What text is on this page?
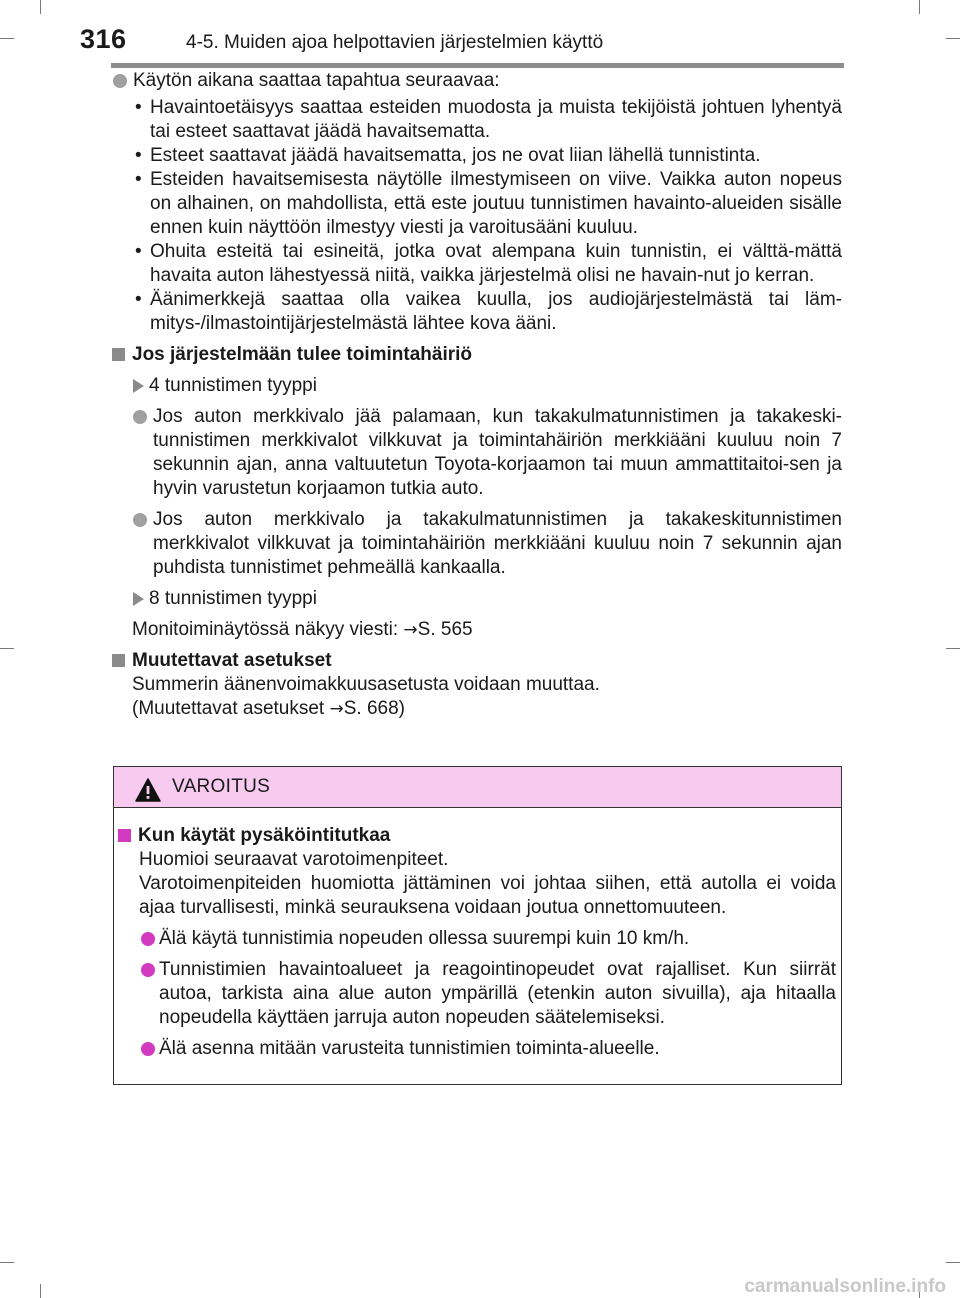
316	4-5. Muiden ajoa helpottavien järjestelmien käyttö
Käytön aikana saattaa tapahtua seuraavaa:
• Havaintoetäisyys saattaa esteiden muodosta ja muista tekijöistä johtuen lyhentyä tai esteet saattavat jäädä havaitsematta.
• Esteet saattavat jäädä havaitsematta, jos ne ovat liian lähellä tunnistinta.
• Esteiden havaitsemisesta näytölle ilmestymiseen on viive. Vaikka auton nopeus on alhainen, on mahdollista, että este joutuu tunnistimen havainto-alueiden sisälle ennen kuin näyttöön ilmestyy viesti ja varoitusääni kuuluu.
• Ohuita esteitä tai esineitä, jotka ovat alempana kuin tunnistin, ei välttä-mättä havaita auton lähestyessä niitä, vaikka järjestelmä olisi ne havain-nut jo kerran.
• Äänimerkkejä saattaa olla vaikea kuulla, jos audiojärjestelmästä tai läm-mitys-/ilmastointijärjestelmästä lähtee kova ääni.
Jos järjestelmään tulee toimintahäiriö
4 tunnistimen tyyppi
Jos auton merkkivalo jää palamaan, kun takakulmatunnistimen ja takakeski-tunnistimen merkkivalot vilkkuvat ja toimintahäiriön merkkiääni kuuluu noin 7 sekunnin ajan, anna valtuutetun Toyota-korjaamon tai muun ammattitaitoi-sen ja hyvin varustetun korjaamon tutkia auto.
Jos auton merkkivalo ja takakulmatunnistimen ja takakeskitunnistimen merkkivalot vilkkuvat ja toimintahäiriön merkkiääni kuuluu noin 7 sekunnin ajan puhdista tunnistimet pehmeällä kankaalla.
8 tunnistimen tyyppi
Monitoiminäytössä näkyy viesti: →S. 565
Muutettavat asetukset
Summerin äänenvoimakkuusasetusta voidaan muuttaa.
(Muutettavat asetukset →S. 668)
VAROITUS
Kun käytät pysäköintitutkaa
Huomioi seuraavat varotoimenpiteet.
Varotoimenpiteiden huomiotta jättäminen voi johtaa siihen, että autolla ei voida ajaa turvallisesti, minkä seurauksena voidaan joutua onnettomuuteen.
Älä käytä tunnistimia nopeuden ollessa suurempi kuin 10 km/h.
Tunnistimien havaintoalueet ja reagointinopeudet ovat rajalliset. Kun siirrät autoa, tarkista aina alue auton ympärillä (etenkin auton sivuilla), aja hitaalla nopeudella käyttäen jarruja auton nopeuden säätelemiseksi.
Älä asenna mitään varusteita tunnistimien toiminta-alueelle.
carmanualsonline.info
